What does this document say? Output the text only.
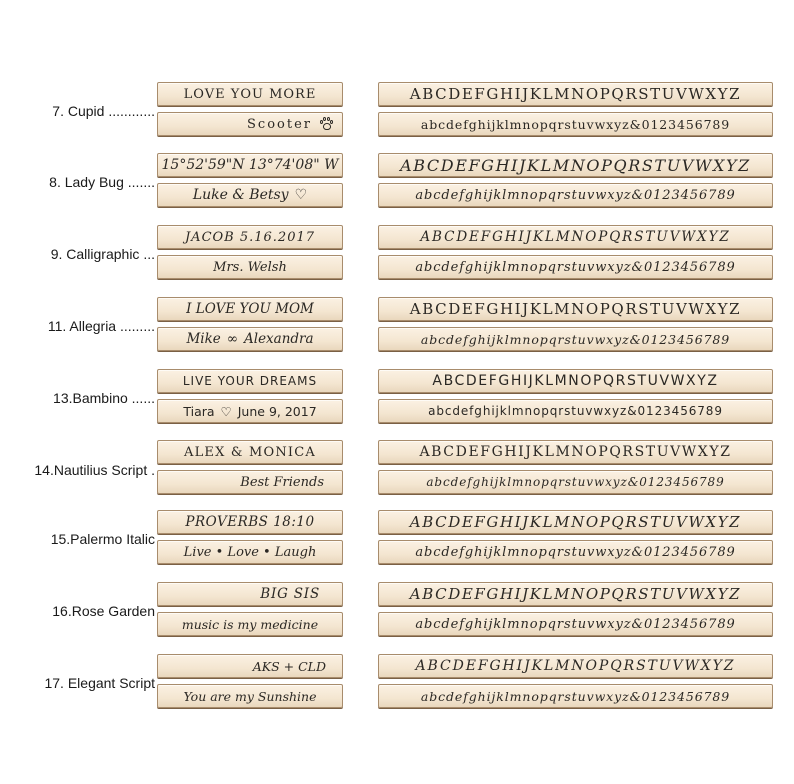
7. Cupid ............
LOVE YOU MORE
Scooter
ABCDEFGHIJKLMNOPQRSTUVWXYZ
abcdefghijklmnopqrstuvwxyz&0123456789
8. Lady Bug .......
15°52'59"N 13°74'08" W
Luke & Betsy ♡
ABCDEFGHIJKLMNOPQRSTUVWXYZ
abcdefghijklmnopqrstuvwxyz&0123456789
9. Calligraphic ...
JACOB 5.16.2017
Mrs. Welsh
ABCDEFGHIJKLMNOPQRSTUVWXYZ
abcdefghijklmnopqrstuvwxyz&0123456789
11. Allegria .........
I LOVE YOU MOM
Mike ∞ Alexandra
ABCDEFGHIJKLMNOPQRSTUVWXYZ
abcdefghijklmnopqrstuvwxyz&0123456789
13.Bambino ......
LIVE YOUR DREAMS
Tiara ♡ June 9, 2017
ABCDEFGHIJKLMNOPQRSTUVWXYZ
abcdefghijklmnopqrstuvwxyz&0123456789
14.Nautilius Script .
ALEX & MONICA
Best Friends
ABCDEFGHIJKLMNOPQRSTUVWXYZ
abcdefghijklmnopqrstuvwxyz&0123456789
15.Palermo Italic
PROVERBS 18:10
Live • Love • Laugh
ABCDEFGHIJKLMNOPQRSTUVWXYZ
abcdefghijklmnopqrstuvwxyz&0123456789
16.Rose Garden
BIG SIS
music is my medicine
ABCDEFGHIJKLMNOPQRSTUVWXYZ
abcdefghijklmnopqrstuvwxyz&0123456789
17. Elegant Script
AKS + CLD
You are my Sunshine
ABCDEFGHIJKLMNOPQRSTUVWXYZ
abcdefghijklmnopqrstuvwxyz&0123456789
